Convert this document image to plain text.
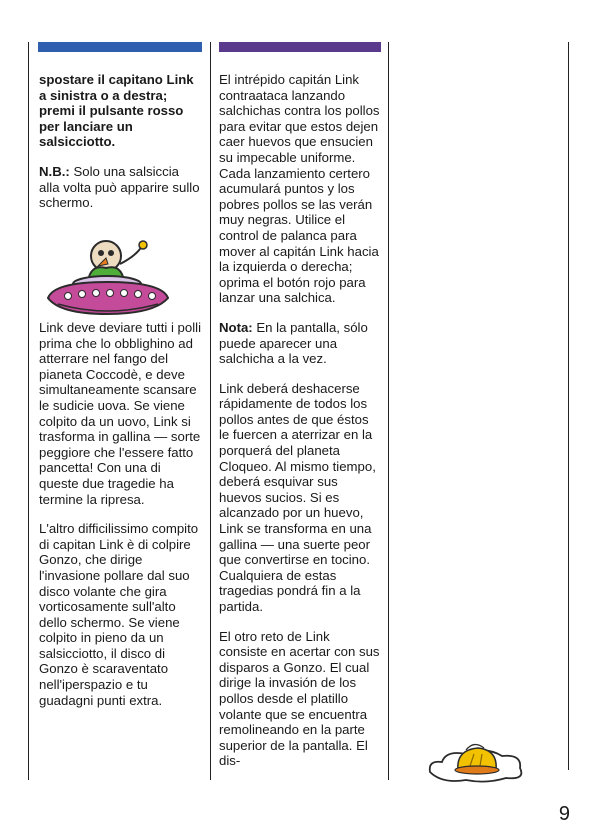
spostare il capitano Link a sinistra o a destra; premi il pulsante rosso per lanciare un salsicciotto.

N.B.: Solo una salsiccia alla volta può apparire sullo schermo.

Link deve deviare tutti i polli prima che lo obblighino ad atterrare nel fango del pianeta Coccodè, e deve simultaneamente scansare le sudicie uova. Se viene colpito da un uovo, Link si trasforma in gallina — sorte peggiore che l'essere fatto pancetta! Con una di queste due tragedie ha termine la ripresa.

L'altro difficilissimo compito di capitan Link è di colpire Gonzo, che dirige l'invasione pollare dal suo disco volante che gira vorticosamente sull'alto dello schermo. Se viene colpito in pieno da un salsicciotto, il disco di Gonzo è scaraventato nell'iperspazio e tu guadagni punti extra.

El intrépido capitán Link contraataca lanzando salchichas contra los pollos para evitar que estos dejen caer huevos que ensucien su impecable uniforme. Cada lanzamiento certero acumulará puntos y los pobres pollos se las verán muy negras. Utilice el control de palanca para mover al capitán Link hacia la izquierda o derecha; oprima el botón rojo para lanzar una salchica.

Nota: En la pantalla, sólo puede aparecer una salchicha a la vez.

Link deberá deshacerse rápidamente de todos los pollos antes de que éstos le fuercen a aterrizar en la porquerá del planeta Cloqueo. Al mismo tiempo, deberá esquivar sus huevos sucios. Si es alcanzado por un huevo, Link se transforma en una gallina — una suerte peor que convertirse en tocino. Cualquiera de estas tragedias pondrá fin a la partida.

El otro reto de Link consiste en acertar con sus disparos a Gonzo. El cual dirige la invasión de los pollos desde el platillo volante que se encuentra remolineando en la parte superior de la pantalla. El dis-

9
